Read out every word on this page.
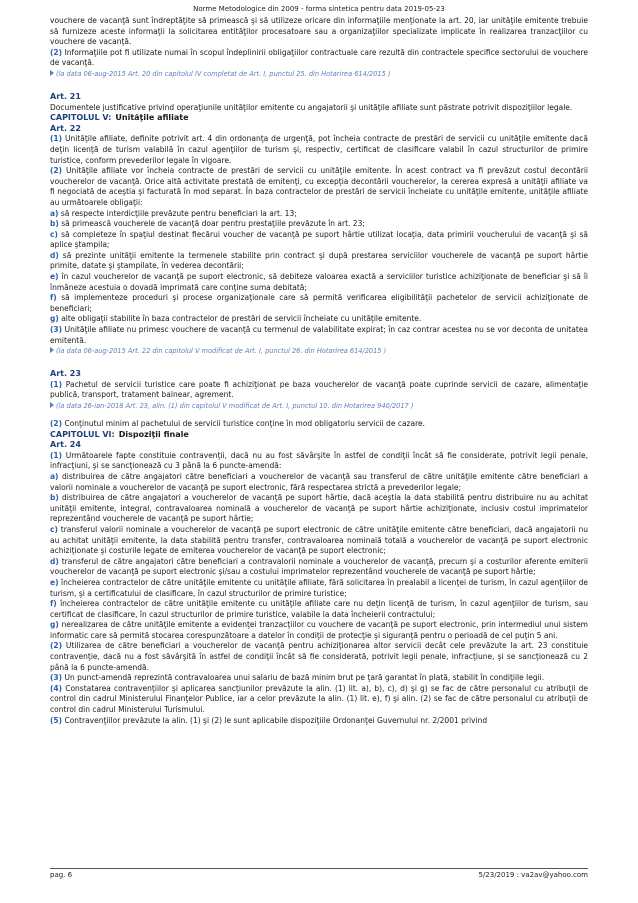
Norme Metodologice din 2009 - forma sintetica pentru data 2019-05-23

vouchere de vacanţă sunt îndreptăţite să primească şi să utilizeze oricare din informaţiile menţionate la art. 20, iar unităţile emitente trebuie să furnizeze aceste informaţii la solicitarea entităţilor procesatoare sau a organizaţiilor specializate implicate în realizarea tranzacţiilor cu vouchere de vacanţă.

(2) Informaţiile pot fi utilizate numai în scopul îndeplinirii obligaţiilor contractuale care rezultă din contractele specifice sectorului de vouchere de vacanţă.

(la data 06-aug-2015 Art. 20 din capitolul IV completat de Art. I, punctul 25. din Hotarirea 614/2015 )

Art. 21

Documentele justificative privind operaţiunile unităţilor emitente cu angajatorii şi unităţile afiliate sunt păstrate potrivit dispoziţiilor legale.

CAPITOLUL V: Unităţile afiliate

Art. 22

(1) Unităţile afiliate, definite potrivit art. 4 din ordonanţa de urgenţă, pot încheia contracte de prestări de servicii cu unităţile emitente dacă deţin licenţă de turism valabilă în cazul agenţiilor de turism şi, respectiv, certificat de clasificare valabil în cazul structurilor de primire turistice, conform prevederilor legale în vigoare.

(2) Unităţile afiliate vor încheia contracte de prestări de servicii cu unităţile emitente. În acest contract va fi prevăzut costul decontării voucherelor de vacanţă. Orice altă activitate prestată de emitenţi, cu excepţia decontării voucherelor, la cererea expresă a unităţii afiliate va fi negociată de aceştia şi facturată în mod separat. În baza contractelor de prestări de servicii încheiate cu unităţile emitente, unităţile afiliate au următoarele obligaţii:

a) să respecte interdicţiile prevăzute pentru beneficiari la art. 13;

b) să primească voucherele de vacanţă doar pentru prestaţiile prevăzute în art. 23;

c) să completeze în spaţiul destinat fiecărui voucher de vacanţă pe suport hârtie utilizat locaţia, data primirii voucherului de vacanţă şi să aplice ştampila;

d) să prezinte unităţii emitente la termenele stabilite prin contract şi după prestarea serviciilor voucherele de vacanţă pe suport hârtie primite, datate şi ştampilate, în vederea decontării;

e) în cazul voucherelor de vacanţă pe suport electronic, să debiteze valoarea exactă a serviciilor turistice achiziţionate de beneficiar şi să îi înmâneze acestuia o dovadă imprimată care conţine suma debitată;

f) să implementeze proceduri şi procese organizaţionale care să permită verificarea eligibilităţii pachetelor de servicii achiziţionate de beneficiari;

g) alte obligaţii stabilite în baza contractelor de prestări de servicii încheiate cu unităţile emitente.

(3) Unităţile afiliate nu primesc vouchere de vacanţă cu termenul de valabilitate expirat; în caz contrar acestea nu se vor deconta de unitatea emitentă.

(la data 06-aug-2015 Art. 22 din capitolul V modificat de Art. I, punctul 26. din Hotarirea 614/2015 )

Art. 23

(1) Pachetul de servicii turistice care poate fi achiziţionat pe baza voucherelor de vacanţă poate cuprinde servicii de cazare, alimentaţie publică, transport, tratament balnear, agrement.

(la data 26-ian-2018 Art. 23, alin. (1) din capitolul V modificat de Art. I, punctul 10. din Hotarirea 940/2017 )

(2) Conţinutul minim al pachetului de servicii turistice conţine în mod obligatoriu servicii de cazare.

CAPITOLUL VI: Dispoziţii finale

Art. 24

(1) Următoarele fapte constituie contravenţii, dacă nu au fost săvârşite în astfel de condiţii încât să fie considerate, potrivit legii penale, infracţiuni, şi se sancţionează cu 3 până la 6 puncte-amendă:

a) distribuirea de către angajatori către beneficiari a voucherelor de vacanţă sau transferul de către unităţile emitente către beneficiari a valorii nominale a voucherelor de vacanţă pe suport electronic, fără respectarea strictă a prevederilor legale;

b) distribuirea de către angajatori a voucherelor de vacanţă pe suport hârtie, dacă aceştia la data stabilită pentru distribuire nu au achitat unităţii emitente, integral, contravaloarea nominală a voucherelor de vacanţă pe suport hârtie achiziţionate, inclusiv costul imprimatelor reprezentând voucherele de vacanţă pe suport hârtie;

c) transferul valorii nominale a voucherelor de vacanţă pe suport electronic de către unităţile emitente către beneficiari, dacă angajatorii nu au achitat unităţii emitente, la data stabilită pentru transfer, contravaloarea nominală totală a voucherelor de vacanţă pe suport electronic achiziţionate şi costurile legate de emiterea voucherelor de vacanţă pe suport electronic;

d) transferul de către angajatori către beneficiari a contravalorii nominale a voucherelor de vacanţă, precum şi a costurilor aferente emiterii voucherelor de vacanţă pe suport electronic şi/sau a costului imprimatelor reprezentând voucherele de vacanţă pe suport hârtie;

e) încheierea contractelor de către unităţile emitente cu unităţile afiliate, fără solicitarea în prealabil a licenţei de turism, în cazul agenţiilor de turism, şi a certificatului de clasificare, în cazul structurilor de primire turistice;

f) încheierea contractelor de către unităţile emitente cu unităţile afiliate care nu deţin licenţă de turism, în cazul agenţiilor de turism, sau certificat de clasificare, în cazul structurilor de primire turistice, valabile la data încheierii contractului;

g) nerealizarea de către unităţile emitente a evidenţei tranzacţiilor cu vouchere de vacanţă pe suport electronic, prin intermediul unui sistem informatic care să permită stocarea corespunzătoare a datelor în condiţii de protecţie şi siguranţă pentru o perioadă de cel puţin 5 ani.

(2) Utilizarea de către beneficiari a voucherelor de vacanţă pentru achiziţionarea altor servicii decât cele prevăzute la art. 23 constituie contravenţie, dacă nu a fost săvârşită în astfel de condiţii încât să fie considerată, potrivit legii penale, infracţiune, şi se sancţionează cu 2 până la 6 puncte-amendă.

(3) Un punct-amendă reprezintă contravaloarea unui salariu de bază minim brut pe ţară garantat în plată, stabilit în condiţiile legii.

(4) Constatarea contravenţiilor şi aplicarea sancţiunilor prevăzute la alin. (1) lit. a), b), c), d) şi g) se fac de către personalul cu atribuţii de control din cadrul Ministerului Finanţelor Publice, iar a celor prevăzute la alin. (1) lit. e), f) şi alin. (2) se fac de către personalul cu atribuţii de control din cadrul Ministerului Turismului.

(5) Contravenţiilor prevăzute la alin. (1) şi (2) le sunt aplicabile dispoziţiile Ordonanţei Guvernului nr. 2/2001 privind

pag. 6	5/23/2019 : va2av@yahoo.com
